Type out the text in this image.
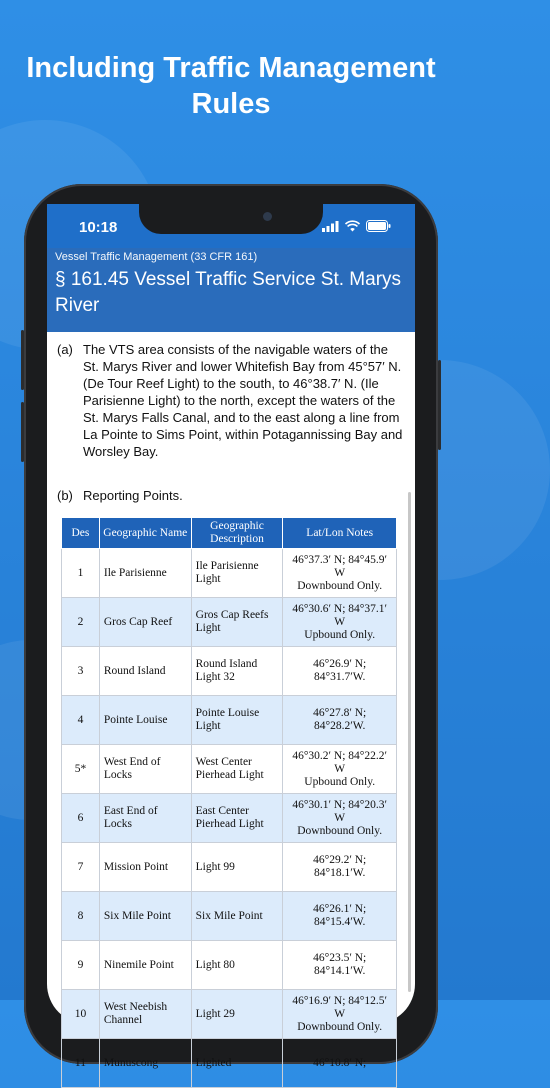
Including Traffic Management Rules
10:18
Vessel Traffic Management (33 CFR 161)
§ 161.45 Vessel Traffic Service St. Marys River
(a) The VTS area consists of the navigable waters of the St. Marys River and lower Whitefish Bay from 45°57′ N. (De Tour Reef Light) to the south, to 46°38.7′ N. (Ile Parisienne Light) to the north, except the waters of the St. Marys Falls Canal, and to the east along a line from La Pointe to Sims Point, within Potagannissing Bay and Worsley Bay.
(b) Reporting Points.
Des	Geographic Name	Geographic Description	Lat/Lon Notes
1	Ile Parisienne	Ile Parisienne Light	46°37.3′ N; 84°45.9′ W
Downbound Only.
2	Gros Cap Reef	Gros Cap Reefs Light	46°30.6′ N; 84°37.1′ W
Upbound Only.
3	Round Island	Round Island Light 32	46°26.9′ N; 84°31.7′W.
4	Pointe Louise	Pointe Louise Light	46°27.8′ N; 84°28.2′W.
5*	West End of Locks	West Center Pierhead Light	46°30.2′ N; 84°22.2′ W
Upbound Only.
6	East End of Locks	East Center Pierhead Light	46°30.1′ N; 84°20.3′ W
Downbound Only.
7	Mission Point	Light 99	46°29.2′ N; 84°18.1′W.
8	Six Mile Point	Six Mile Point	46°26.1′ N; 84°15.4′W.
9	Ninemile Point	Light 80	46°23.5′ N; 84°14.1′W.
10	West Neebish Channel	Light 29	46°16.9′ N; 84°12.5′ W
Downbound Only.
11	Munuscong	Lighted	46°10.8′ N;
